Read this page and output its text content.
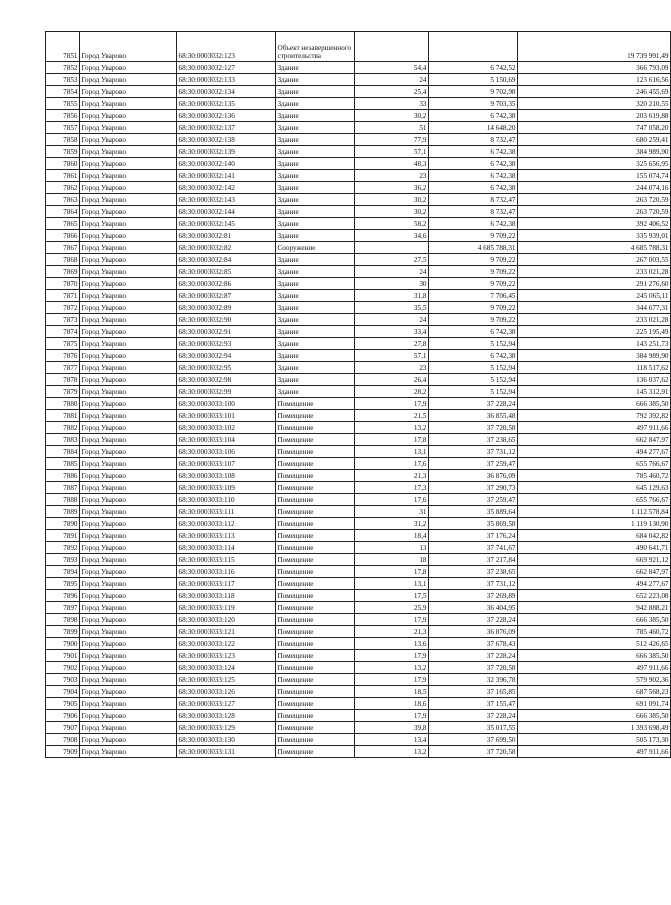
7851	Город Уварово	68:30:0003032:123	Объект незавершенного строительства			19 739 991,49
7852	Город Уварово	68:30:0003032:127	Здание	54,4	6 742,52	366 793,09
7853	Город Уварово	68:30:0003032:133	Здание	24	5 150,69	123 616,56
7854	Город Уварово	68:30:0003032:134	Здание	25,4	9 702,98	246 455,69
7855	Город Уварово	68:30:0003032:135	Здание	33	9 703,35	320 210,55
7856	Город Уварово	68:30:0003032:136	Здание	30,2	6 742,38	203 619,88
7857	Город Уварово	68:30:0003032:137	Здание	51	14 648,20	747 058,20
7858	Город Уварово	68:30:0003032:138	Здание	77,9	8 732,47	680 259,41
7859	Город Уварово	68:30:0003032:139	Здание	57,1	6 742,38	384 989,90
7860	Город Уварово	68:30:0003032:140	Здание	48,3	6 742,38	325 656,95
7861	Город Уварово	68:30:0003032:141	Здание	23	6 742,38	155 074,74
7862	Город Уварово	68:30:0003032:142	Здание	36,2	6 742,38	244 074,16
7863	Город Уварово	68:30:0003032:143	Здание	30,2	8 732,47	263 720,59
7864	Город Уварово	68:30:0003032:144	Здание	30,2	8 732,47	263 720,59
7865	Город Уварово	68:30:0003032:145	Здание	58,2	6 742,38	392 406,52
7866	Город Уварово	68:30:0003032:81	Здание	34,6	9 709,22	335 939,01
7867	Город Уварово	68:30:0003032:82	Сооружение		4 685 788,31	4 685 788,31
7868	Город Уварово	68:30:0003032:84	Здание	27,5	9 709,22	267 003,55
7869	Город Уварово	68:30:0003032:85	Здание	24	9 709,22	233 021,28
7870	Город Уварово	68:30:0003032:86	Здание	30	9 709,22	291 276,60
7871	Город Уварово	68:30:0003032:87	Здание	31,8	7 706,45	245 065,11
7872	Город Уварово	68:30:0003032:89	Здание	35,5	9 709,22	344 677,31
7873	Город Уварово	68:30:0003032:90	Здание	24	9 709,22	233 021,28
7874	Город Уварово	68:30:0003032:91	Здание	33,4	6 742,38	225 195,49
7875	Город Уварово	68:30:0003032:93	Здание	27,8	5 152,94	143 251,73
7876	Город Уварово	68:30:0003032:94	Здание	57,1	6 742,38	384 989,90
7877	Город Уварово	68:30:0003032:95	Здание	23	5 152,94	118 517,62
7878	Город Уварово	68:30:0003032:98	Здание	26,4	5 152,94	136 037,62
7879	Город Уварово	68:30:0003032:99	Здание	28,2	5 152,94	145 312,91
7880	Город Уварово	68:30:0003033:100	Помещение	17,9	37 228,24	666 385,50
7881	Город Уварово	68:30:0003033:101	Помещение	21,5	36 855,48	792 392,82
7882	Город Уварово	68:30:0003033:102	Помещение	13,2	37 720,58	497 911,66
7883	Город Уварово	68:30:0003033:104	Помещение	17,8	37 238,65	662 847,97
7884	Город Уварово	68:30:0003033:106	Помещение	13,1	37 731,12	494 277,67
7885	Город Уварово	68:30:0003033:107	Помещение	17,6	37 259,47	655 766,67
7886	Город Уварово	68:30:0003033:108	Помещение	21,3	36 876,09	785 460,72
7887	Город Уварово	68:30:0003033:109	Помещение	17,3	37 290,73	645 129,63
7888	Город Уварово	68:30:0003033:110	Помещение	17,6	37 259,47	655 766,67
7889	Город Уварово	68:30:0003033:111	Помещение	31	35 889,64	1 112 578,84
7890	Город Уварово	68:30:0003033:112	Помещение	31,2	35 869,58	1 119 130,90
7891	Город Уварово	68:30:0003033:113	Помещение	18,4	37 176,24	684 042,82
7892	Город Уварово	68:30:0003033:114	Помещение	13	37 741,67	490 641,71
7893	Город Уварово	68:30:0003033:115	Помещение	18	37 217,84	669 921,12
7894	Город Уварово	68:30:0003033:116	Помещение	17,8	37 238,65	662 847,97
7895	Город Уварово	68:30:0003033:117	Помещение	13,1	37 731,12	494 277,67
7896	Город Уварово	68:30:0003033:118	Помещение	17,5	37 269,89	652 223,08
7897	Город Уварово	68:30:0003033:119	Помещение	25,9	36 404,95	942 888,21
7898	Город Уварово	68:30:0003033:120	Помещение	17,9	37 228,24	666 385,50
7899	Город Уварово	68:30:0003033:121	Помещение	21,3	36 876,09	785 460,72
7900	Город Уварово	68:30:0003033:122	Помещение	13,6	37 678,43	512 426,65
7901	Город Уварово	68:30:0003033:123	Помещение	17,9	37 228,24	666 385,50
7902	Город Уварово	68:30:0003033:124	Помещение	13,2	37 720,58	497 911,66
7903	Город Уварово	68:30:0003033:125	Помещение	17,9	32 396,78	579 902,36
7904	Город Уварово	68:30:0003033:126	Помещение	18,5	37 165,85	687 568,23
7905	Город Уварово	68:30:0003033:127	Помещение	18,6	37 155,47	691 091,74
7906	Город Уварово	68:30:0003033:128	Помещение	17,9	37 228,24	666 385,50
7907	Город Уварово	68:30:0003033:129	Помещение	39,8	35 017,55	1 393 698,49
7908	Город Уварово	68:30:0003033:130	Помещение	13,4	37 699,50	505 173,30
7909	Город Уварово	68:30:0003033:131	Помещение	13,2	37 720,58	497 911,66
